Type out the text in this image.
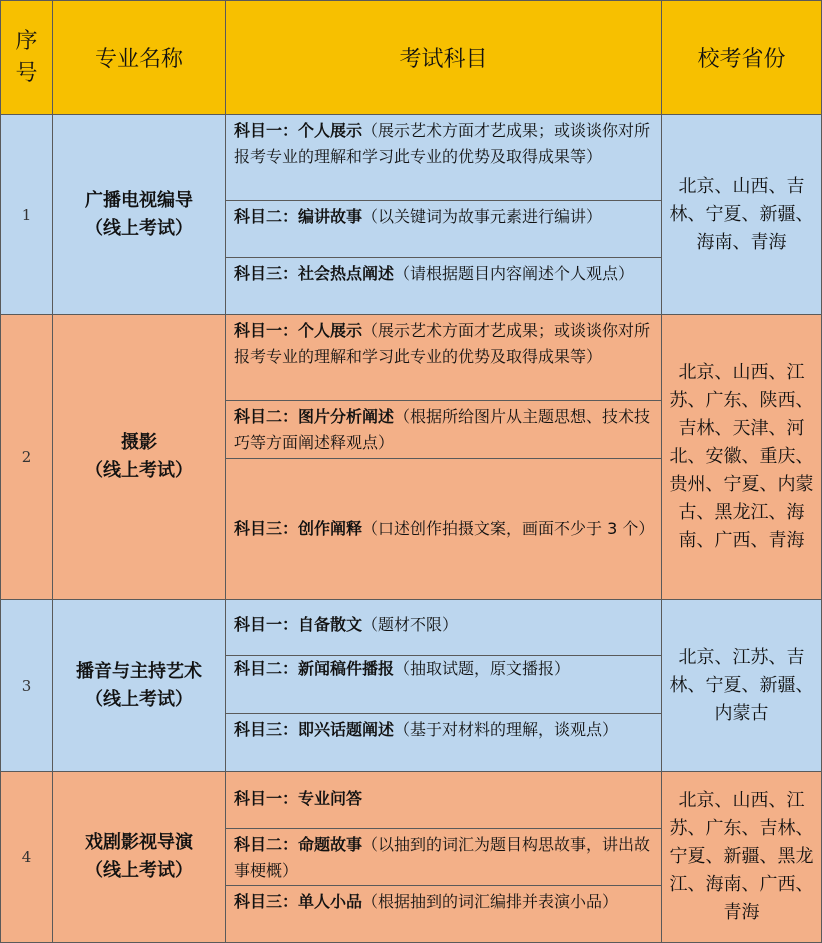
序
号
专业名称	考试科目	校考省份
1
广播电视编导
（线上考试）
科目一：个人展示（展示艺术方面才艺成果；或谈谈你对所报考专业的理解和学习此专业的优势及取得成果等）
科目二：编讲故事（以关键词为故事元素进行编讲）
科目三：社会热点阐述（请根据题目内容阐述个人观点）
北京、山西、吉林、宁夏、新疆、海南、青海
2
摄影
（线上考试）
科目一：个人展示（展示艺术方面才艺成果；或谈谈你对所报考专业的理解和学习此专业的优势及取得成果等）
科目二：图片分析阐述（根据所给图片从主题思想、技术技巧等方面阐述释观点）
科目三：创作阐释（口述创作拍摄文案，画面不少于 3 个）
北京、山西、江苏、广东、陕西、吉林、天津、河北、安徽、重庆、贵州、宁夏、内蒙古、黑龙江、海南、广西、青海
3
播音与主持艺术
（线上考试）
科目一：自备散文（题材不限）
科目二：新闻稿件播报（抽取试题，原文播报）
科目三：即兴话题阐述（基于对材料的理解，谈观点）
北京、江苏、吉林、宁夏、新疆、内蒙古
4
戏剧影视导演
（线上考试）
科目一：专业问答
科目二：命题故事（以抽到的词汇为题目构思故事，讲出故事梗概）
科目三：单人小品（根据抽到的词汇编排并表演小品）
北京、山西、江苏、广东、吉林、宁夏、新疆、黑龙江、海南、广西、青海
